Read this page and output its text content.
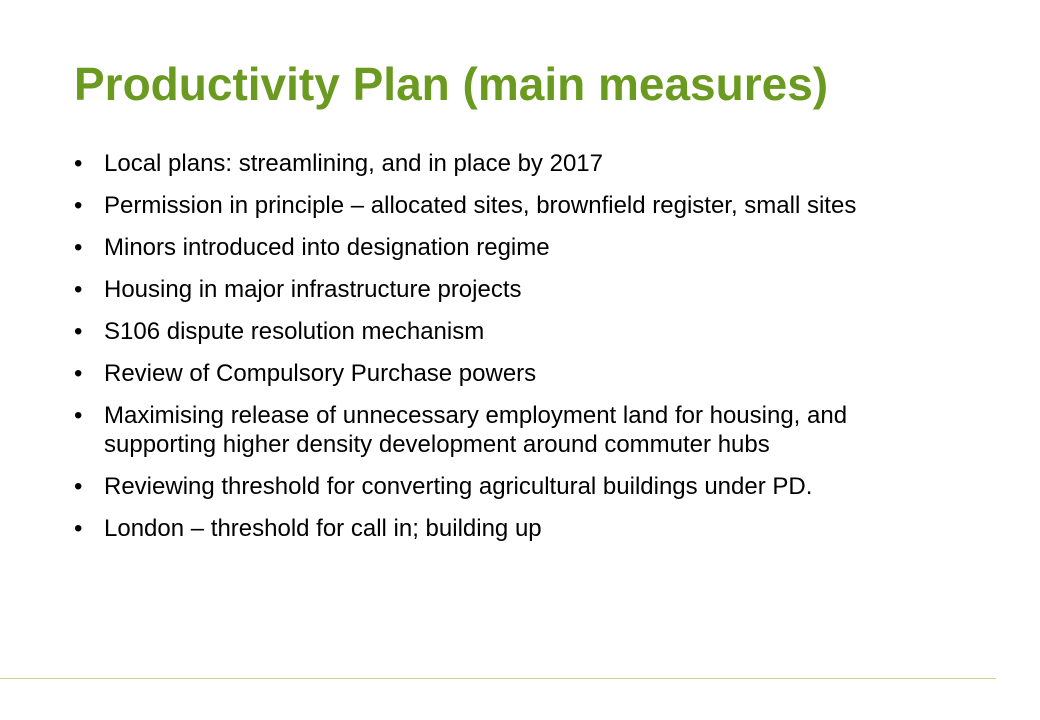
Productivity Plan (main measures)
• Local plans: streamlining, and in place by 2017
• Permission in principle – allocated sites, brownfield register, small sites
• Minors introduced into designation regime
• Housing in major infrastructure projects
• S106 dispute resolution mechanism
• Review of Compulsory Purchase powers
• Maximising release of unnecessary employment land for housing, and supporting higher density development around commuter hubs
• Reviewing threshold for converting agricultural buildings under PD.
• London – threshold for call in; building up
